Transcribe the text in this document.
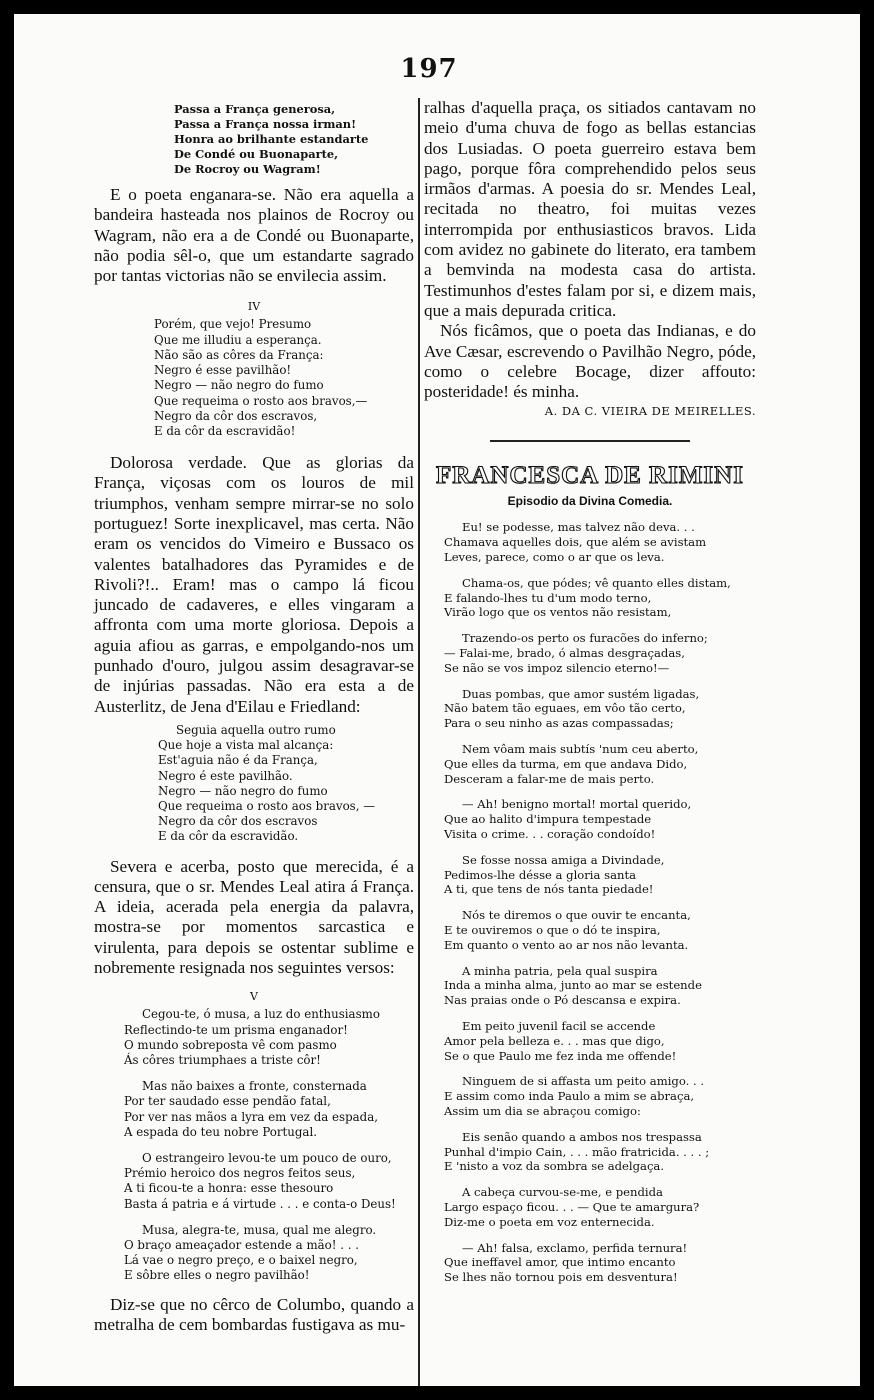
197
Passa a França generosa,
Passa a França nossa irman!
Honra ao brilhante estandarte
De Condé ou Buonaparte,
De Rocroy ou Wagram!
E o poeta enganara-se. Não era aquella a bandeira hasteada nos plainos de Rocroy ou Wagram, não era a de Condé ou Buonaparte, não podia sêl-o, que um estandarte sagrado por tantas victorias não se envilecia assim.
IV
Porém, que vejo! Presumo
Que me illudiu a esperança.
Não são as côres da França:
Negro é esse pavilhão!
Negro — não negro do fumo
Que requeima o rosto aos bravos,—
Negro da côr dos escravos,
E da côr da escravidão!
Dolorosa verdade. Que as glorias da França, viçosas com os louros de mil triumphos, venham sempre mirrar-se no solo portuguez! Sorte inexplicavel, mas certa. Não eram os vencidos do Vimeiro e Bussaco os valentes batalhadores das Pyramides e de Rivoli?!.. Eram! mas o campo lá ficou juncado de cadaveres, e elles vingaram a affronta com uma morte gloriosa. Depois a aguia afiou as garras, e empolgando-nos um punhado d'ouro, julgou assim desagravar-se de injúrias passadas. Não era esta a de Austerlitz, de Jena d'Eilau e Friedland:
Seguia aquella outro rumo
Que hoje a vista mal alcança:
Est'aguia não é da França,
Negro é este pavilhão.
Negro — não negro do fumo
Que requeima o rosto aos bravos, —
Negro da côr dos escravos
E da côr da escravidão.
Severa e acerba, posto que merecida, é a censura, que o sr. Mendes Leal atira á França. A ideia, acerada pela energia da palavra, mostra-se por momentos sarcastica e virulenta, para depois se ostentar sublime e nobremente resignada nos seguintes versos:
V
Cegou-te, ó musa, a luz do enthusiasmo
Reflectindo-te um prisma enganador!
O mundo sobreposta vê com pasmo
Ás côres triumphaes a triste côr!
Mas não baixes a fronte, consternada
Por ter saudado esse pendão fatal,
Por ver nas mãos a lyra em vez da espada,
A espada do teu nobre Portugal.
O estrangeiro levou-te um pouco de ouro,
Prémio heroico dos negros feitos seus,
A ti ficou-te a honra: esse thesouro
Basta á patria e á virtude . . . e conta-o Deus!
Musa, alegra-te, musa, qual me alegro.
O braço ameaçador estende a mão! . . .
Lá vae o negro preço, e o baixel negro,
E sôbre elles o negro pavilhão!
Diz-se que no cêrco de Columbo, quando a metralha de cem bombardas fustigava as mu-
ralhas d'aquella praça, os sitiados cantavam no meio d'uma chuva de fogo as bellas estancias dos Lusiadas. O poeta guerreiro estava bem pago, porque fôra comprehendido pelos seus irmãos d'armas. A poesia do sr. Mendes Leal, recitada no theatro, foi muitas vezes interrompida por enthusiasticos bravos. Lida com avidez no gabinete do literato, era tambem a bemvinda na modesta casa do artista. Testimunhos d'estes falam por si, e dizem mais, que a mais depurada critica.
Nós ficâmos, que o poeta das Indianas, e do Ave Cæsar, escrevendo o Pavilhão Negro, póde, como o celebre Bocage, dizer affouto: posteridade! és minha.
A. DA C. VIEIRA DE MEIRELLES.
FRANCESCA DE RIMINI
Episodio da Divina Comedia.
Eu! se podesse, mas talvez não deva. . .
Chamava aquelles dois, que além se avistam
Leves, parece, como o ar que os leva.
Chama-os, que pódes; vê quanto elles distam,
E falando-lhes tu d'um modo terno,
Virão logo que os ventos não resistam,
Trazendo-os perto os furacões do inferno;
— Falai-me, brado, ó almas desgraçadas,
Se não se vos impoz silencio eterno!—
Duas pombas, que amor sustém ligadas,
Não batem tão eguaes, em vôo tão certo,
Para o seu ninho as azas compassadas;
Nem vôam mais subtís 'num ceu aberto,
Que elles da turma, em que andava Dido,
Desceram a falar-me de mais perto.
— Ah! benigno mortal! mortal querido,
Que ao halito d'impura tempestade
Visita o crime. . . coração condoído!
Se fosse nossa amiga a Divindade,
Pedimos-lhe désse a gloria santa
A ti, que tens de nós tanta piedade!
Nós te diremos o que ouvir te encanta,
E te ouviremos o que o dó te inspira,
Em quanto o vento ao ar nos não levanta.
A minha patria, pela qual suspira
Inda a minha alma, junto ao mar se estende
Nas praias onde o Pó descansa e expira.
Em peito juvenil facil se accende
Amor pela belleza e. . . mas que digo,
Se o que Paulo me fez inda me offende!
Ninguem de si affasta um peito amigo. . .
E assim como inda Paulo a mim se abraça,
Assim um dia se abraçou comigo:
Eis senão quando a ambos nos trespassa
Punhal d'impio Cain, . . . mão fratricida. . . . ;
E 'nisto a voz da sombra se adelgaça.
A cabeça curvou-se-me, e pendida
Largo espaço ficou. . . — Que te amargura?
Diz-me o poeta em voz enternecida.
— Ah! falsa, exclamo, perfida ternura!
Que ineffavel amor, que intimo encanto
Se lhes não tornou pois em desventura!
